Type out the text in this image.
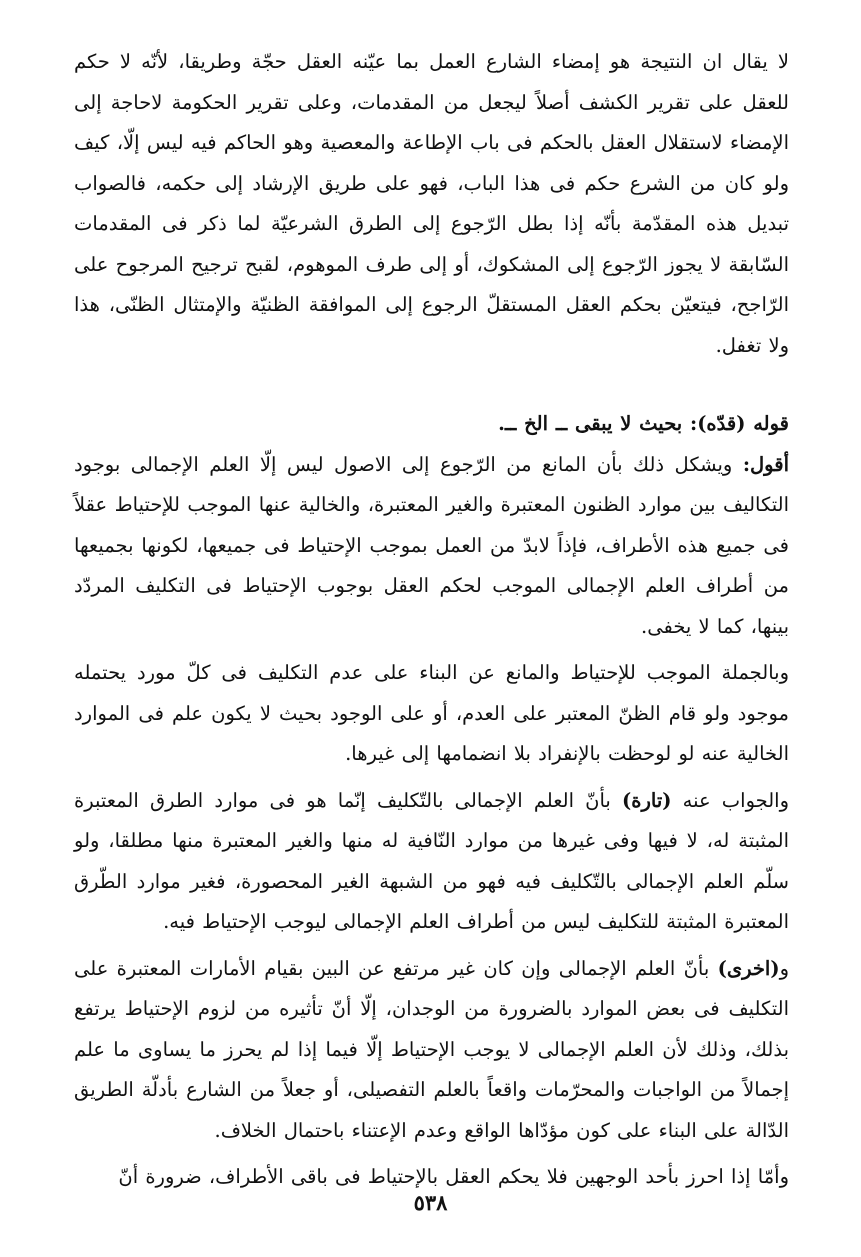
لا يقال ان النتيجة هو إمضاء الشارع العمل بما عيّنه العقل حجّة وطريقا، لأنّه لا حكم للعقل على تقرير الكشف أصلاً ليجعل من المقدمات، وعلى تقرير الحكومة لاحاجة إلى الإمضاء لاستقلال العقل بالحكم فى باب الإطاعة والمعصية وهو الحاكم فيه ليس إلّا، كيف ولو كان من الشرع حكم فى هذا الباب، فهو على طريق الإرشاد إلى حكمه، فالصواب تبديل هذه المقدّمة بأنّه إذا بطل الرّجوع إلى الطرق الشرعيّة لما ذكر فى المقدمات السّابقة لا يجوز الرّجوع إلى المشكوك، أو إلى طرف الموهوم، لقبح ترجيح المرجوح على الرّاجح، فيتعيّن بحكم العقل المستقلّ الرجوع إلى الموافقة الظنيّة والإمتثال الظنّى، هذا ولا تغفل.

قوله (قدّه): بحيث لا يبقى ــ الخ ــ.

أقول: ويشكل ذلك بأن المانع من الرّجوع إلى الاصول ليس إلّا العلم الإجمالى بوجود التكاليف بين موارد الظنون المعتبرة والغير المعتبرة، والخالية عنها الموجب للإحتياط عقلاً فى جميع هذه الأطراف، فإذاً لابدّ من العمل بموجب الإحتياط فى جميعها، لكونها بجميعها من أطراف العلم الإجمالى الموجب لحكم العقل بوجوب الإحتياط فى التكليف المردّد بينها، كما لا يخفى.

وبالجملة الموجب للإحتياط والمانع عن البناء على عدم التكليف فى كلّ مورد يحتمله موجود ولو قام الظنّ المعتبر على العدم، أو على الوجود بحيث لا يكون علم فى الموارد الخالية عنه لو لوحظت بالإنفراد بلا انضمامها إلى غيرها.

والجواب عنه (تارة) بأنّ العلم الإجمالى بالتّكليف إنّما هو فى موارد الطرق المعتبرة المثبتة له، لا فيها وفى غيرها من موارد النّافية له منها والغير المعتبرة منها مطلقا، ولو سلّم العلم الإجمالى بالتّكليف فيه فهو من الشبهة الغير المحصورة، فغير موارد الطّرق المعتبرة المثبتة للتكليف ليس من أطراف العلم الإجمالى ليوجب الإحتياط فيه.

و(اخرى) بأنّ العلم الإجمالى وإن كان غير مرتفع عن البين بقيام الأمارات المعتبرة على التكليف فى بعض الموارد بالضرورة من الوجدان، إلّا أنّ تأثيره من لزوم الإحتياط يرتفع بذلك، وذلك لأن العلم الإجمالى لا يوجب الإحتياط إلّا فيما إذا لم يحرز ما يساوى ما علم إجمالاً من الواجبات والمحرّمات واقعاً بالعلم التفصيلى، أو جعلاً من الشارع بأدلّة الطريق الدّالة على البناء على كون مؤدّاها الواقع وعدم الإعتناء باحتمال الخلاف.

وأمّا إذا احرز بأحد الوجهين فلا يحكم العقل بالإحتياط فى باقى الأطراف، ضرورة أنّ

٥٣٨
